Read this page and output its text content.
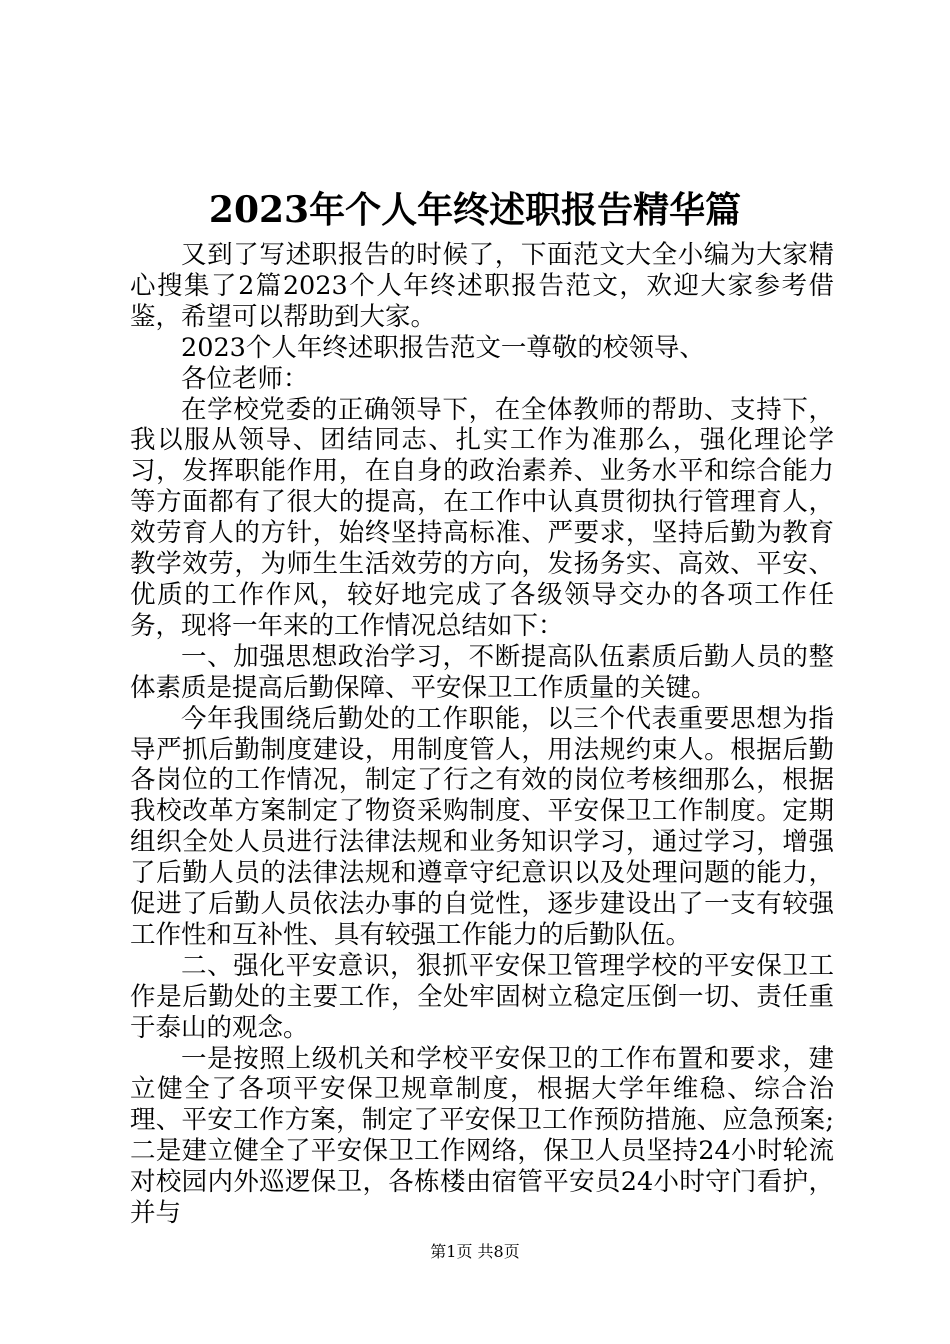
2023年个人年终述职报告精华篇

又到了写述职报告的时候了，下面范文大全小编为大家精心搜集了2篇2023个人年终述职报告范文，欢迎大家参考借鉴，希望可以帮助到大家。

2023个人年终述职报告范文一尊敬的校领导、

各位老师：

在学校党委的正确领导下，在全体教师的帮助、支持下，我以服从领导、团结同志、扎实工作为准那么，强化理论学习，发挥职能作用，在自身的政治素养、业务水平和综合能力等方面都有了很大的提高，在工作中认真贯彻执行管理育人，效劳育人的方针，始终坚持高标准、严要求，坚持后勤为教育教学效劳，为师生生活效劳的方向，发扬务实、高效、平安、优质的工作作风，较好地完成了各级领导交办的各项工作任务，现将一年来的工作情况总结如下：

一、加强思想政治学习，不断提高队伍素质后勤人员的整体素质是提高后勤保障、平安保卫工作质量的关键。

今年我围绕后勤处的工作职能，以三个代表重要思想为指导严抓后勤制度建设，用制度管人，用法规约束人。根据后勤各岗位的工作情况，制定了行之有效的岗位考核细那么，根据我校改革方案制定了物资采购制度、平安保卫工作制度。定期组织全处人员进行法律法规和业务知识学习，通过学习，增强了后勤人员的法律法规和遵章守纪意识以及处理问题的能力，促进了后勤人员依法办事的自觉性，逐步建设出了一支有较强工作性和互补性、具有较强工作能力的后勤队伍。

二、强化平安意识，狠抓平安保卫管理学校的平安保卫工作是后勤处的主要工作，全处牢固树立稳定压倒一切、责任重于泰山的观念。

一是按照上级机关和学校平安保卫的工作布置和要求，建立健全了各项平安保卫规章制度，根据大学年维稳、综合治理、平安工作方案，制定了平安保卫工作预防措施、应急预案;二是建立健全了平安保卫工作网络，保卫人员坚持24小时轮流对校园内外巡逻保卫，各栋楼由宿管平安员24小时守门看护，并与

第1页 共8页
